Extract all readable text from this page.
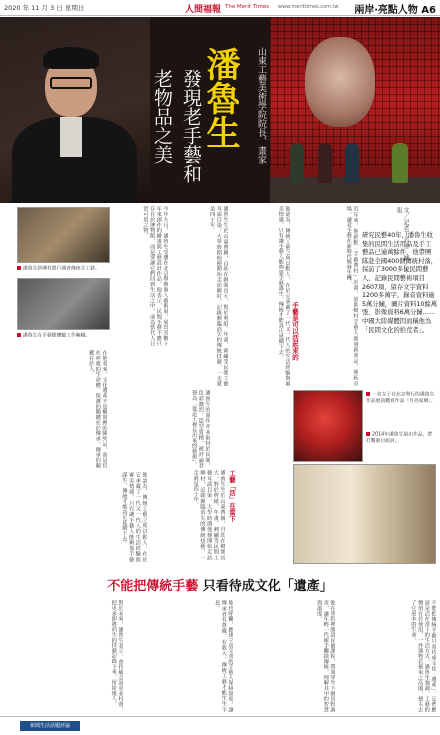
2020 年 11 月 3 日 星期日	人間福報 The Merit Times www.merittimes.com.tw 兩岸‧亮點人物 A6
山東工藝美術學院院長、畫家
潘魯生
發現老手藝和
老物品之美
文／記者王若言　圖／本報
研究民藝40年，潘魯生收集的民間生活用品及手工藝品已逾萬餘件，他帶團隊赴全國400個傳統村落，採訪了3000多位民間藝人，記錄民間藝術項目2607項，留存文字資料1200多萬字，錄音資料逾5萬分鐘，圖片資料10餘萬張、影像資料6萬分鐘……中國大陸媒體因而稱他為「民間文化的拾荒者」。
潘魯生到鄉村農戶調查傳統手工藝。
潘魯生在手藝館體驗工作編織。	今年九月，潘魯生受邀在北京舉辦個人藝術展，展出其數十年來創作的繪畫與工藝設計作品。他表示，民間手藝不應只存在於博物館，而是要讓它們回到生活之中，成為當代人日常可用之物。	潘魯生生於山東曹縣，自幼在鄉間長大，對於剪紙、年畫、刺繡等民間工藝耳濡目染。大學時期他便開始走訪鄉村，記錄瀕臨消失的傳統技藝，一走就是四十年。	他認為，傳統工藝之所以動人，在於它承載了一代又一代人的生活經驗與審美情感。只有讓手藝人能夠靠手藝謀生，傳統才能真正延續下去。	手藝是可以活起來的	近年來，他推動「手藝農村」計畫，協助鄉村手藝人開發新產品、開拓市場，讓老手藝在新時代煥發生機。
在他看來，文化遺產不是櫥窗裡的陳列品，而是仍在呼吸的生命體。保護的關鍵在於傳承，傳承的關鍵在於人。
潘魯生的畫作亦多取材於民間，色彩濃烈，造型質樸，被評論者譽為「從泥土裡長出來的藝術」。
工藝「活」在當下
潘魯生生於山東曹縣，自幼在鄉間長大，對於剪紙、年畫、刺繡等民間工藝耳濡目染。大學時期他便開始走訪鄉村，記錄瀕臨消失的傳統技藝，一走就是四十年。
他認為，傳統工藝之所以動人，在於它承載了一代又一代人的生活經驗與審美情感。只有讓手藝人能夠靠手藝謀生，傳統才能真正延續下去。
一名女子在北京舉行的潘魯生作品展前觀看作品「月亮家鄉」。
2014年潘魯生展出作品，帶打擊節目組員。
不能把傳統手藝 只看待成文化「遺產」
不能把傳統手藝只看待成文化「遺產」，它們應該是活在當下的生活方式。潘魯生強調，工藝的價值在於使用，一件器物若被束之高閣，便失去了它原本的生命。
他在學院裡開設民藝課程，帶領學生下鄉田野調查，讓年輕一代親手觸摸傳統，理解其中的智慧與溫度。
他也呼籲，應建立更完善的手藝人保障制度，讓傳承者有尊嚴、有收入，傳統工藝才能生生不息。
對於未來，潘魯生表示，會持續走訪更多村落，把更多即將消失的技藝記錄下來，留給後人。
新聞生活話題評論
